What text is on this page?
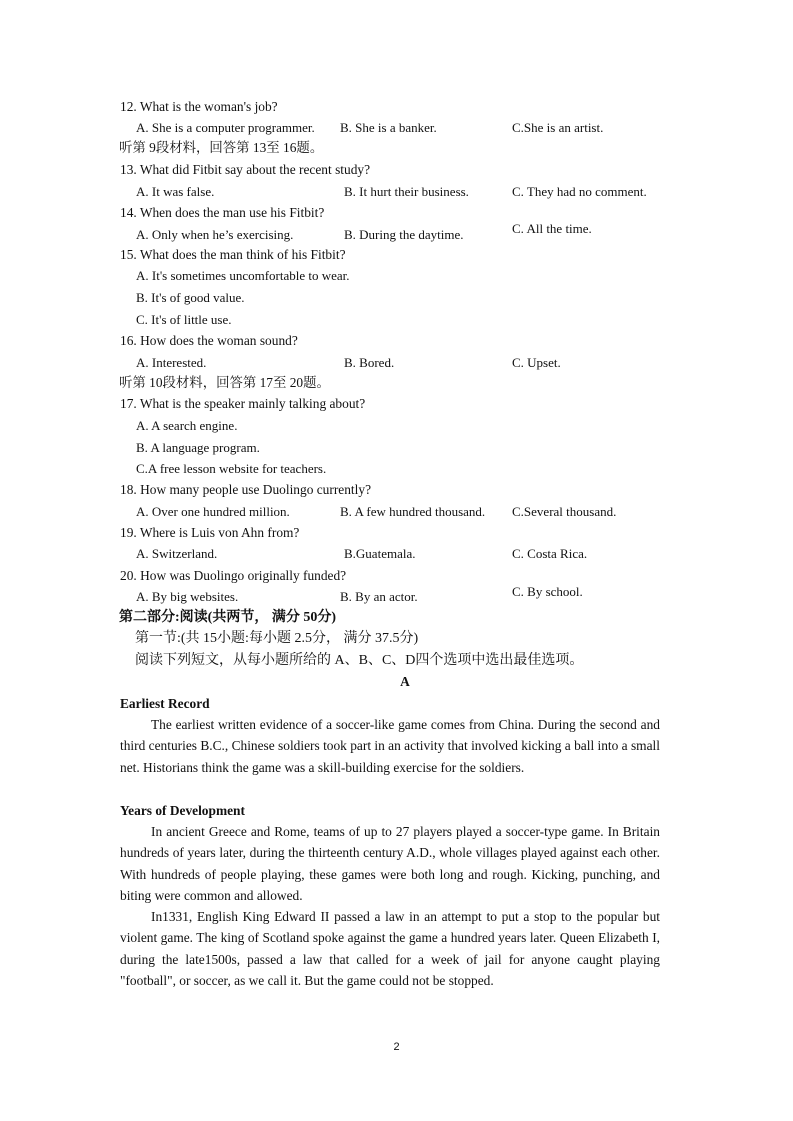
12. What is the woman's job?
A. She is a computer programmer. B. She is a banker.	C.She is an artist.
听第 9段材料，回答第 13至 16题。
13. What did Fitbit say about the recent study?
A. It was false.	B. It hurt their business.	C. They had no comment.
14. When does the man use his Fitbit?
A. Only when he’s exercising.	B. During the daytime.	C. All the time.
15. What does the man think of his Fitbit?
A. It's sometimes uncomfortable to wear.
B. It's of good value.
C. It's of little use.
16. How does the woman sound?
A. Interested.	B. Bored.	C. Upset.
听第 10段材料，回答第 17至 20题。
17. What is the speaker mainly talking about?
A. A search engine.
B. A language program.
C.A free lesson website for teachers.
18. How many people use Duolingo currently?
A. Over one hundred million.	B. A few hundred thousand. C.Several thousand.
19. Where is Luis von Ahn from?
A. Switzerland.	B.Guatemala.	C. Costa Rica.
20. How was Duolingo originally funded?
A. By big websites.	B. By an actor.	C. By school.
第二部分:阅读(共两节， 满分 50分)
第一节:(共 15小题:每小题 2.5分， 满分 37.5分)
阅读下列短文，从每小题所给的 A、B、C、D四个选项中选出最佳选项。
A
Earliest Record
The earliest written evidence of a soccer-like game comes from China. During the second and third centuries B.C., Chinese soldiers took part in an activity that involved kicking a ball into a small net. Historians think the game was a skill-building exercise for the soldiers.
Years of Development
In ancient Greece and Rome, teams of up to 27 players played a soccer-type game. In Britain hundreds of years later, during the thirteenth century A.D., whole villages played against each other. With hundreds of people playing, these games were both long and rough. Kicking, punching, and biting were common and allowed.
In1331, English King Edward II passed a law in an attempt to put a stop to the popular but violent game. The king of Scotland spoke against the game a hundred years later. Queen Elizabeth I, during the late1500s, passed a law that called for a week of jail for anyone caught playing "football", or soccer, as we call it. But the game could not be stopped.
2
